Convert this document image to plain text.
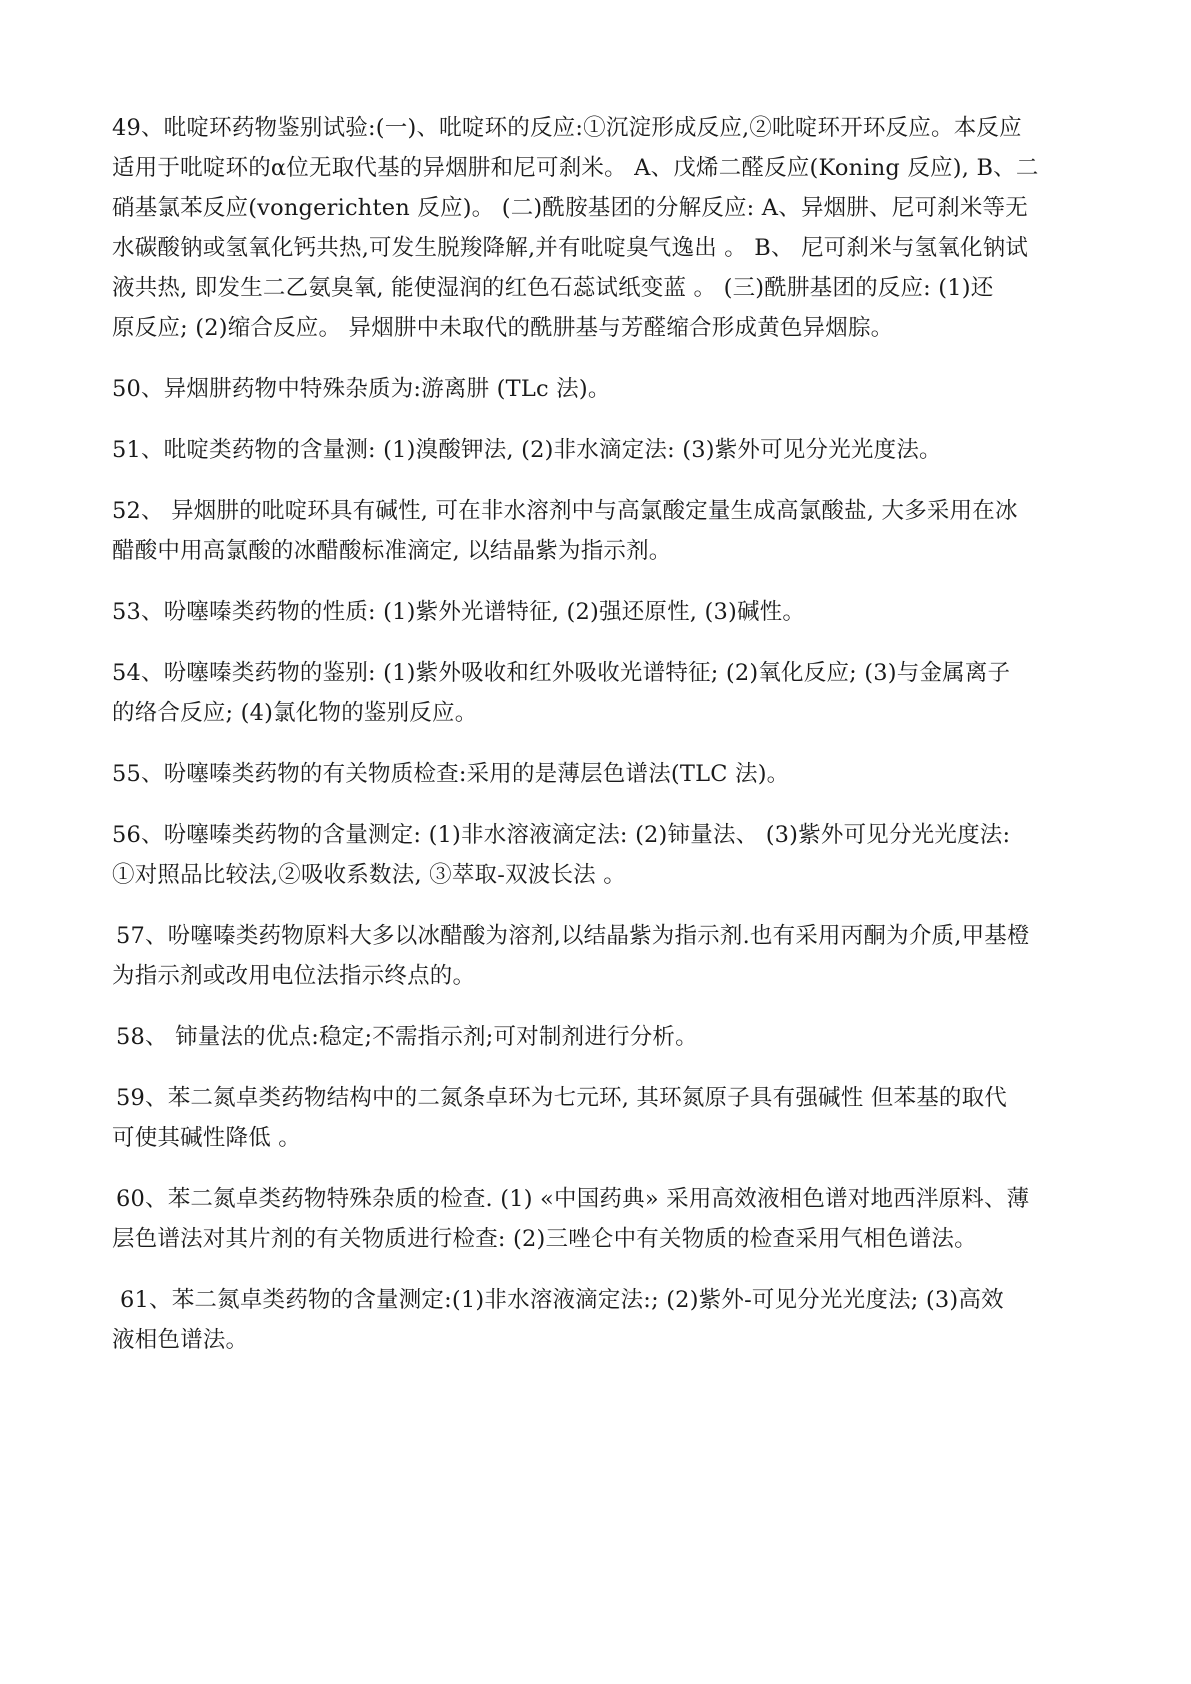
49、吡啶环药物鉴别试验:(一)、吡啶环的反应:①沉淀形成反应,②吡啶环开环反应。本反应
适用于吡啶环的α位无取代基的异烟肼和尼可刹米。 A、戊烯二醛反应(Koning 反应), B、二
硝基氯苯反应(vongerichten 反应)。 (二)酰胺基团的分解反应: A、异烟肼、尼可刹米等无
水碳酸钠或氢氧化钙共热,可发生脱羧降解,并有吡啶臭气逸出 。 B、 尼可刹米与氢氧化钠试
液共热, 即发生二乙氨臭氧, 能使湿润的红色石蕊试纸变蓝 。 (三)酰肼基团的反应: (1)还
原反应; (2)缩合反应。 异烟肼中未取代的酰肼基与芳醛缩合形成黄色异烟腙。

50、异烟肼药物中特殊杂质为:游离肼 (TLc 法)。

51、吡啶类药物的含量测: (1)溴酸钾法, (2)非水滴定法: (3)紫外可见分光光度法。

52、 异烟肼的吡啶环具有碱性, 可在非水溶剂中与高氯酸定量生成高氯酸盐, 大多采用在冰
醋酸中用高氯酸的冰醋酸标准滴定, 以结晶紫为指示剂。

53、吩噻嗪类药物的性质: (1)紫外光谱特征, (2)强还原性, (3)碱性。

54、吩噻嗪类药物的鉴别: (1)紫外吸收和红外吸收光谱特征; (2)氧化反应; (3)与金属离子
的络合反应; (4)氯化物的鉴别反应。

55、吩噻嗪类药物的有关物质检查:采用的是薄层色谱法(TLC 法)。

56、吩噻嗪类药物的含量测定: (1)非水溶液滴定法: (2)铈量法、 (3)紫外可见分光光度法:
①对照品比较法,②吸收系数法, ③萃取-双波长法 。

57、吩噻嗪类药物原料大多以冰醋酸为溶剂,以结晶紫为指示剂.也有采用丙酮为介质,甲基橙
为指示剂或改用电位法指示终点的。

58、 铈量法的优点:稳定;不需指示剂;可对制剂进行分析。

59、苯二氮卓类药物结构中的二氮条卓环为七元环, 其环氮原子具有强碱性 但苯基的取代
可使其碱性降低 。

60、苯二氮卓类药物特殊杂质的检查. (1) «中国药典» 采用高效液相色谱对地西泮原料、薄
层色谱法对其片剂的有关物质进行检查: (2)三唑仑中有关物质的检查采用气相色谱法。

61、苯二氮卓类药物的含量测定:(1)非水溶液滴定法:; (2)紫外-可见分光光度法; (3)高效
液相色谱法。
